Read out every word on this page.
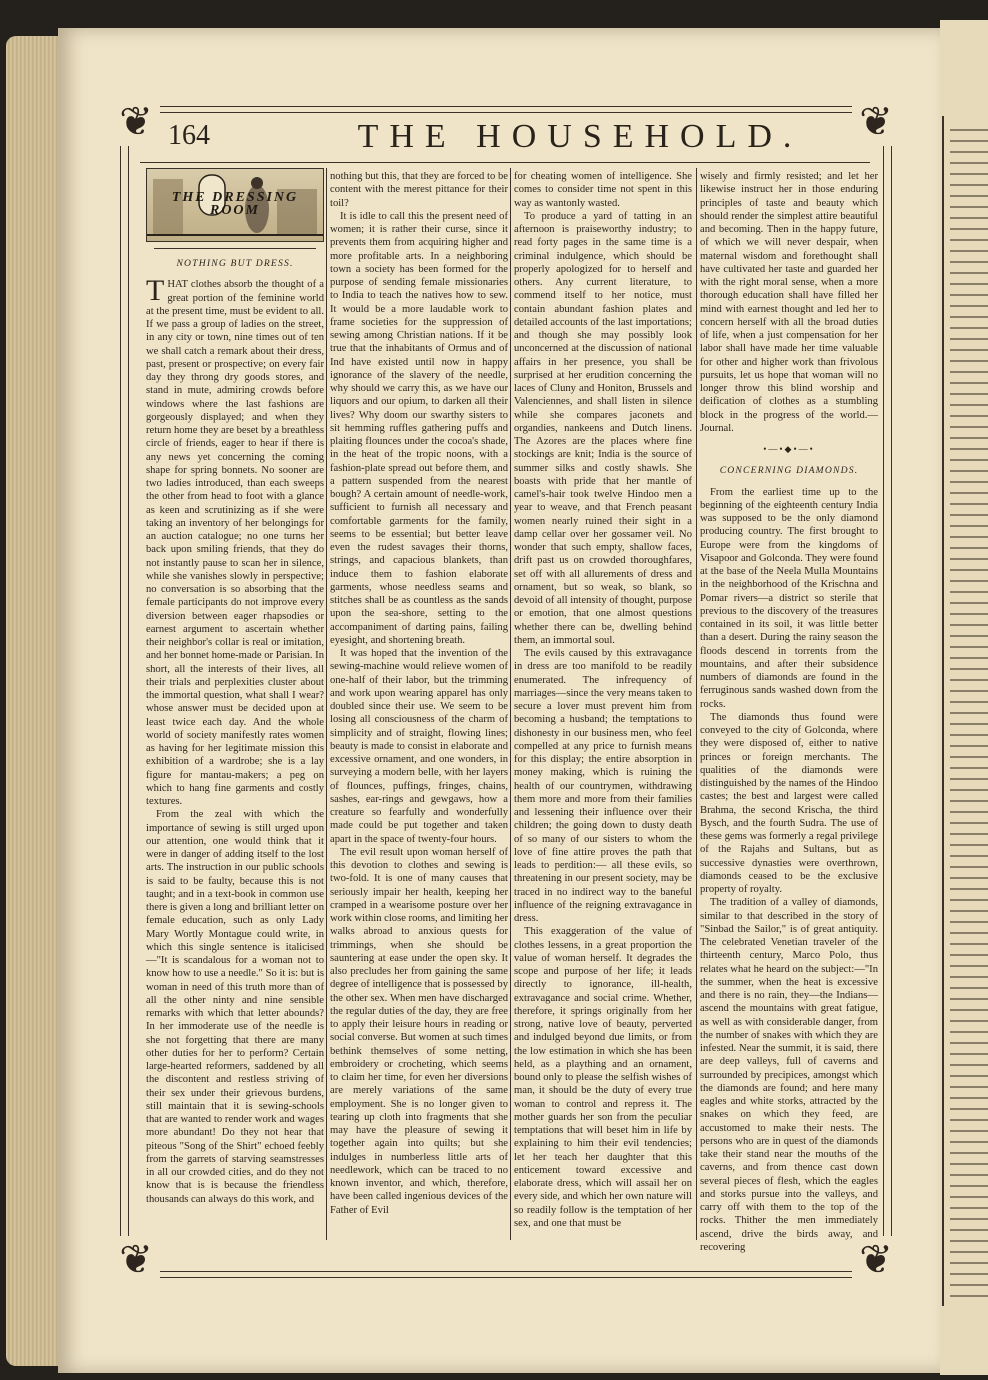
❦	❦
❦	❦
164	THE HOUSEHOLD.
THE DRESSING ROOM
NOTHING BUT DRESS.

THAT clothes absorb the thought of a great portion of the feminine world at the present time, must be evident to all. If we pass a group of ladies on the street, in any city or town, nine times out of ten we shall catch a remark about their dress, past, present or prospective; on every fair day they throng dry goods stores, and stand in mute, admiring crowds before windows where the last fashions are gorgeously displayed; and when they return home they are beset by a breathless circle of friends, eager to hear if there is any news yet concerning the coming shape for spring bonnets. No sooner are two ladies introduced, than each sweeps the other from head to foot with a glance as keen and scrutinizing as if she were taking an inventory of her belongings for an auction catalogue; no one turns her back upon smiling friends, that they do not instantly pause to scan her in silence, while she vanishes slowly in perspective; no conversation is so absorbing that the female participants do not improve every diversion between eager rhapsodies or earnest argument to ascertain whether their neighbor's collar is real or imitation, and her bonnet home-made or Parisian. In short, all the interests of their lives, all their trials and perplexities cluster about the immortal question, what shall I wear? whose answer must be decided upon at least twice each day. And the whole world of society manifestly rates women as having for her legitimate mission this exhibition of a wardrobe; she is a lay figure for mantau-makers; a peg on which to hang fine garments and costly textures.

From the zeal with which the importance of sewing is still urged upon our attention, one would think that it were in danger of adding itself to the lost arts. The instruction in our public schools is said to be faulty, because this is not taught; and in a text-book in common use there is given a long and brilliant letter on female education, such as only Lady Mary Wortly Montague could write, in which this single sentence is italicised—"It is scandalous for a woman not to know how to use a needle." So it is: but is woman in need of this truth more than of all the other ninty and nine sensible remarks with which that letter abounds? In her immoderate use of the needle is she not forgetting that there are many other duties for her to perform? Certain large-hearted reformers, saddened by all the discontent and restless striving of their sex under their grievous burdens, still maintain that it is sewing-schools that are wanted to render work and wages more abundant! Do they not hear that piteous "Song of the Shirt" echoed feebly from the garrets of starving seamstresses in all our crowded cities, and do they not know that is is because the friendless thousands can always do this work, and

nothing but this, that they are forced to be content with the merest pittance for their toil?

It is idle to call this the present need of women; it is rather their curse, since it prevents them from acquiring higher and more profitable arts. In a neighboring town a society has been formed for the purpose of sending female missionaries to India to teach the natives how to sew. It would be a more laudable work to frame societies for the suppression of sewing among Christian nations. If it be true that the inhabitants of Ormus and of Ind have existed until now in happy ignorance of the slavery of the needle, why should we carry this, as we have our liquors and our opium, to darken all their lives? Why doom our swarthy sisters to sit hemming ruffles gathering puffs and plaiting flounces under the cocoa's shade, in the heat of the tropic noons, with a fashion-plate spread out before them, and a pattern suspended from the nearest bough? A certain amount of needle-work, sufficient to furnish all necessary and comfortable garments for the family, seems to be essential; but better leave even the rudest savages their thorns, strings, and capacious blankets, than induce them to fashion elaborate garments, whose needless seams and stitches shall be as countless as the sands upon the sea-shore, setting to the accompaniment of darting pains, failing eyesight, and shortening breath.

It was hoped that the invention of the sewing-machine would relieve women of one-half of their labor, but the trimming and work upon wearing apparel has only doubled since their use. We seem to be losing all consciousness of the charm of simplicity and of straight, flowing lines; beauty is made to consist in elaborate and excessive ornament, and one wonders, in surveying a modern belle, with her layers of flounces, puffings, fringes, chains, sashes, ear-rings and gewgaws, how a creature so fearfully and wonderfully made could be put together and taken apart in the space of twenty-four hours.

The evil result upon woman herself of this devotion to clothes and sewing is two-fold. It is one of many causes that seriously impair her health, keeping her cramped in a wearisome posture over her work within close rooms, and limiting her walks abroad to anxious quests for trimmings, when she should be sauntering at ease under the open sky. It also precludes her from gaining the same degree of intelligence that is possessed by the other sex. When men have discharged the regular duties of the day, they are free to apply their leisure hours in reading or social converse. But women at such times bethink themselves of some netting, embroidery or crocheting, which seems to claim her time, for even her diversions are merely variations of the same employment. She is no longer given to tearing up cloth into fragments that she may have the pleasure of sewing it together again into quilts; but she indulges in numberless little arts of needlework, which can be traced to no known inventor, and which, therefore, have been called ingenious devices of the Father of Evil

for cheating women of intelligence. She comes to consider time not spent in this way as wantonly wasted.

To produce a yard of tatting in an afternoon is praiseworthy industry; to read forty pages in the same time is a criminal indulgence, which should be properly apologized for to herself and others. Any current literature, to commend itself to her notice, must contain abundant fashion plates and detailed accounts of the last importations; and though she may possibly look unconcerned at the discussion of national affairs in her presence, you shall be surprised at her erudition concerning the laces of Cluny and Honiton, Brussels and Valenciennes, and shall listen in silence while she compares jaconets and organdies, nankeens and Dutch linens. The Azores are the places where fine stockings are knit; India is the source of summer silks and costly shawls. She boasts with pride that her mantle of camel's-hair took twelve Hindoo men a year to weave, and that French peasant women nearly ruined their sight in a damp cellar over her gossamer veil. No wonder that such empty, shallow faces, drift past us on crowded thoroughfares, set off with all allurements of dress and ornament, but so weak, so blank, so devoid of all intensity of thought, purpose or emotion, that one almost questions whether there can be, dwelling behind them, an immortal soul.

The evils caused by this extravagance in dress are too manifold to be readily enumerated. The infrequency of marriages—since the very means taken to secure a lover must prevent him from becoming a husband; the temptations to dishonesty in our business men, who feel compelled at any price to furnish means for this display; the entire absorption in money making, which is ruining the health of our countrymen, withdrawing them more and more from their families and lessening their influence over their children; the going down to dusty death of so many of our sisters to whom the love of fine attire proves the path that leads to perdition:— all these evils, so threatening in our present society, may be traced in no indirect way to the baneful influence of the reigning extravagance in dress.

This exaggeration of the value of clothes lessens, in a great proportion the value of woman herself. It degrades the scope and purpose of her life; it leads directly to ignorance, ill-health, extravagance and social crime. Whether, therefore, it springs originally from her strong, native love of beauty, perverted and indulged beyond due limits, or from the low estimation in which she has been held, as a plaything and an ornament, bound only to please the selfish wishes of man, it should be the duty of every true woman to control and repress it. The mother guards her son from the peculiar temptations that will beset him in life by explaining to him their evil tendencies; let her teach her daughter that this enticement toward excessive and elaborate dress, which will assail her on every side, and which her own nature will so readily follow is the temptation of her sex, and one that must be

wisely and firmly resisted; and let her likewise instruct her in those enduring principles of taste and beauty which should render the simplest attire beautiful and becoming. Then in the happy future, of which we will never despair, when maternal wisdom and forethought shall have cultivated her taste and guarded her with the right moral sense, when a more thorough education shall have filled her mind with earnest thought and led her to concern herself with all the broad duties of life, when a just compensation for her labor shall have made her time valuable for other and higher work than frivolous pursuits, let us hope that woman will no longer throw this blind worship and deification of clothes as a stumbling block in the progress of the world.—Journal.

•—•◆•—•
CONCERNING DIAMONDS.

From the earliest time up to the beginning of the eighteenth century India was supposed to be the only diamond producing country. The first brought to Europe were from the kingdoms of Visapoor and Golconda. They were found at the base of the Neela Mulla Mountains in the neighborhood of the Krischna and Pomar rivers—a district so sterile that previous to the discovery of the treasures contained in its soil, it was little better than a desert. During the rainy season the floods descend in torrents from the mountains, and after their subsidence numbers of diamonds are found in the ferruginous sands washed down from the rocks.

The diamonds thus found were conveyed to the city of Golconda, where they were disposed of, either to native princes or foreign merchants. The qualities of the diamonds were distinguished by the names of the Hindoo castes; the best and largest were called Brahma, the second Krischa, the third Bysch, and the fourth Sudra. The use of these gems was formerly a regal privilege of the Rajahs and Sultans, but as successive dynasties were overthrown, diamonds ceased to be the exclusive property of royalty.

The tradition of a valley of diamonds, similar to that described in the story of "Sinbad the Sailor," is of great antiquity. The celebrated Venetian traveler of the thirteenth century, Marco Polo, thus relates what he heard on the subject:—"In the summer, when the heat is excessive and there is no rain, they—the Indians—ascend the mountains with great fatigue, as well as with considerable danger, from the number of snakes with which they are infested. Near the summit, it is said, there are deep valleys, full of caverns and surrounded by precipices, amongst which the diamonds are found; and here many eagles and white storks, attracted by the snakes on which they feed, are accustomed to make their nests. The persons who are in quest of the diamonds take their stand near the mouths of the caverns, and from thence cast down several pieces of flesh, which the eagles and storks pursue into the valleys, and carry off with them to the top of the rocks. Thither the men immediately ascend, drive the birds away, and recovering
